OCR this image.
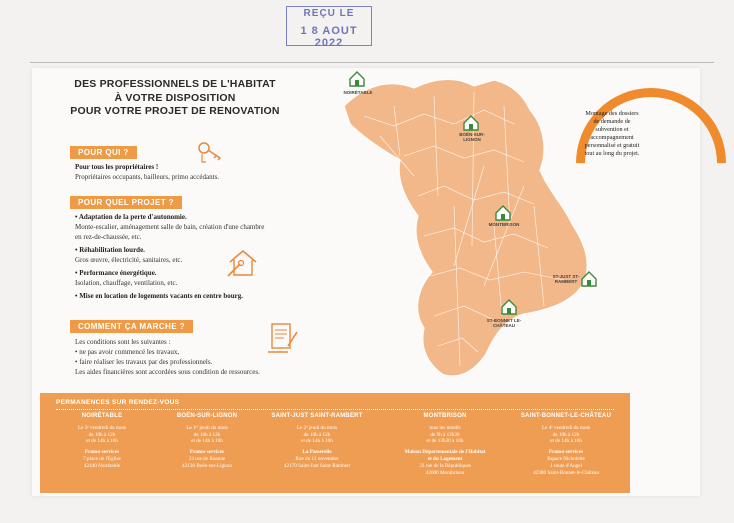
REÇU LE
1 8 AOUT 2022
DES PROFESSIONNELS DE L'HABITAT
À VOTRE DISPOSITION
POUR VOTRE PROJET DE RENOVATION
POUR QUI ?
Pour tous les propriétaires !
Propriétaires occupants, bailleurs, primo accédants.
POUR QUEL PROJET ?
• Adaptation de la perte d'autonomie.
Monte-escalier, aménagement salle de bain, création d'une chambre
en rez-de-chaussée, etc.
• Réhabilitation lourde.
Gros œuvre, électricité, sanitaires, etc.
• Performance énergétique.
Isolation, chauffage, ventilation, etc.
• Mise en location de logements vacants en centre bourg.
COMMENT ÇA MARCHE ?
Les conditions sont les suivantes :
• ne pas avoir commencé les travaux,
• faire réaliser les travaux par des professionnels.
Les aides financières sont accordées sous condition de ressources.
NOIRÉTABLE
BOËN-SUR-LIGNON
MONTBRISON
ST-JUST ST-RAMBERT
ST-BONNET LE-CHÂTEAU
Montage des dossiers de demande de subvention et accompagnement personnalisé et gratuit tout au long du projet.
PERMANENCES SUR RENDEZ-VOUS
NOIRÉTABLE
Le 3ᵉ vendredi du mois
de 10h à 12h
et de 14h à 16h
France services
7 place de l'Église
42440 Noirétable
BOËN-SUR-LIGNON
Le 1ᵉʳ jeudi du mois
de 10h à 12h
et de 14h à 16h
France services
13 rue de Roanne
42130 Boën-sur-Lignon
SAINT-JUST SAINT-RAMBERT
Le 2ᵉ jeudi du mois
de 10h à 12h
et de 14h à 16h
La Passerelle
Rue du 11 novembre
42170 Saint-Just Saint-Rambert
MONTBRISON
tous les mardis
de 9h à 12h30
et de 13h30 à 16h
Maison Départementale de l'Habitat
et du Logement
33 rue de la Républiques
42600 Montbrison
SAINT-BONNET-LE-CHÂTEAU
Le 4ᵉ vendredi du mois
de 10h à 12h
et de 14h à 16h
France services
Espace Nicholette
1 route d'Augel
42380 Saint-Bonnet-le-Château
